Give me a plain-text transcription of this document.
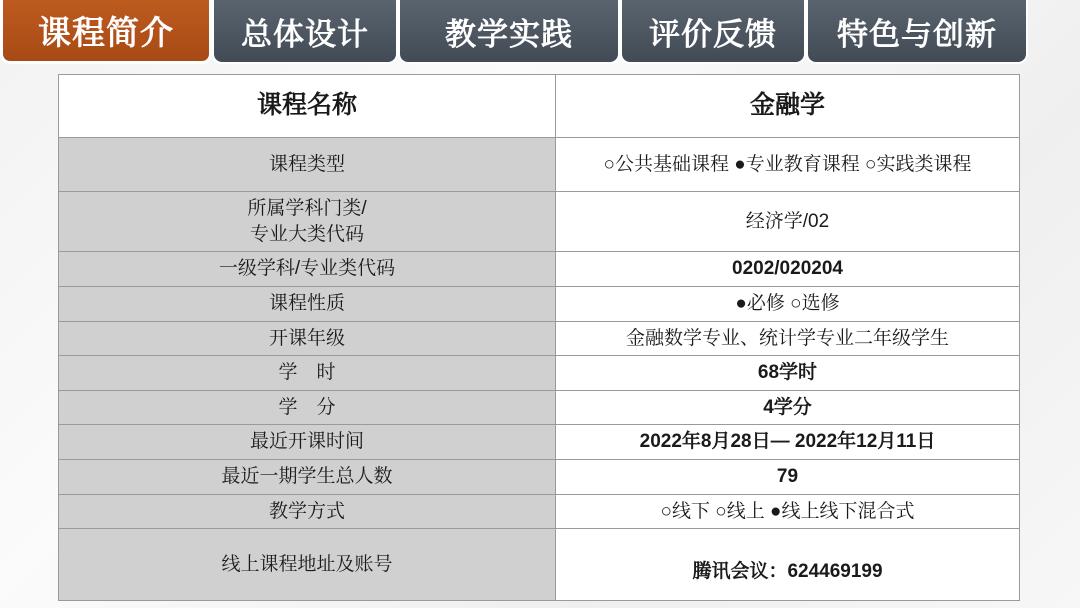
课程简介 总体设计 教学实践 评价反馈 特色与创新
课程名称	金融学
课程类型	○公共基础课程 ●专业教育课程 ○实践类课程
所属学科门类/
专业大类代码	经济学/02
一级学科/专业类代码	0202/020204
课程性质	●必修 ○选修
开课年级	金融数学专业、统计学专业二年级学生
学　时	68学时
学　分	4学分
最近开课时间	2022年8月28日— 2022年12月11日
最近一期学生总人数	79
教学方式	○线下 ○线上 ●线上线下混合式
线上课程地址及账号	腾讯会议：624469199
